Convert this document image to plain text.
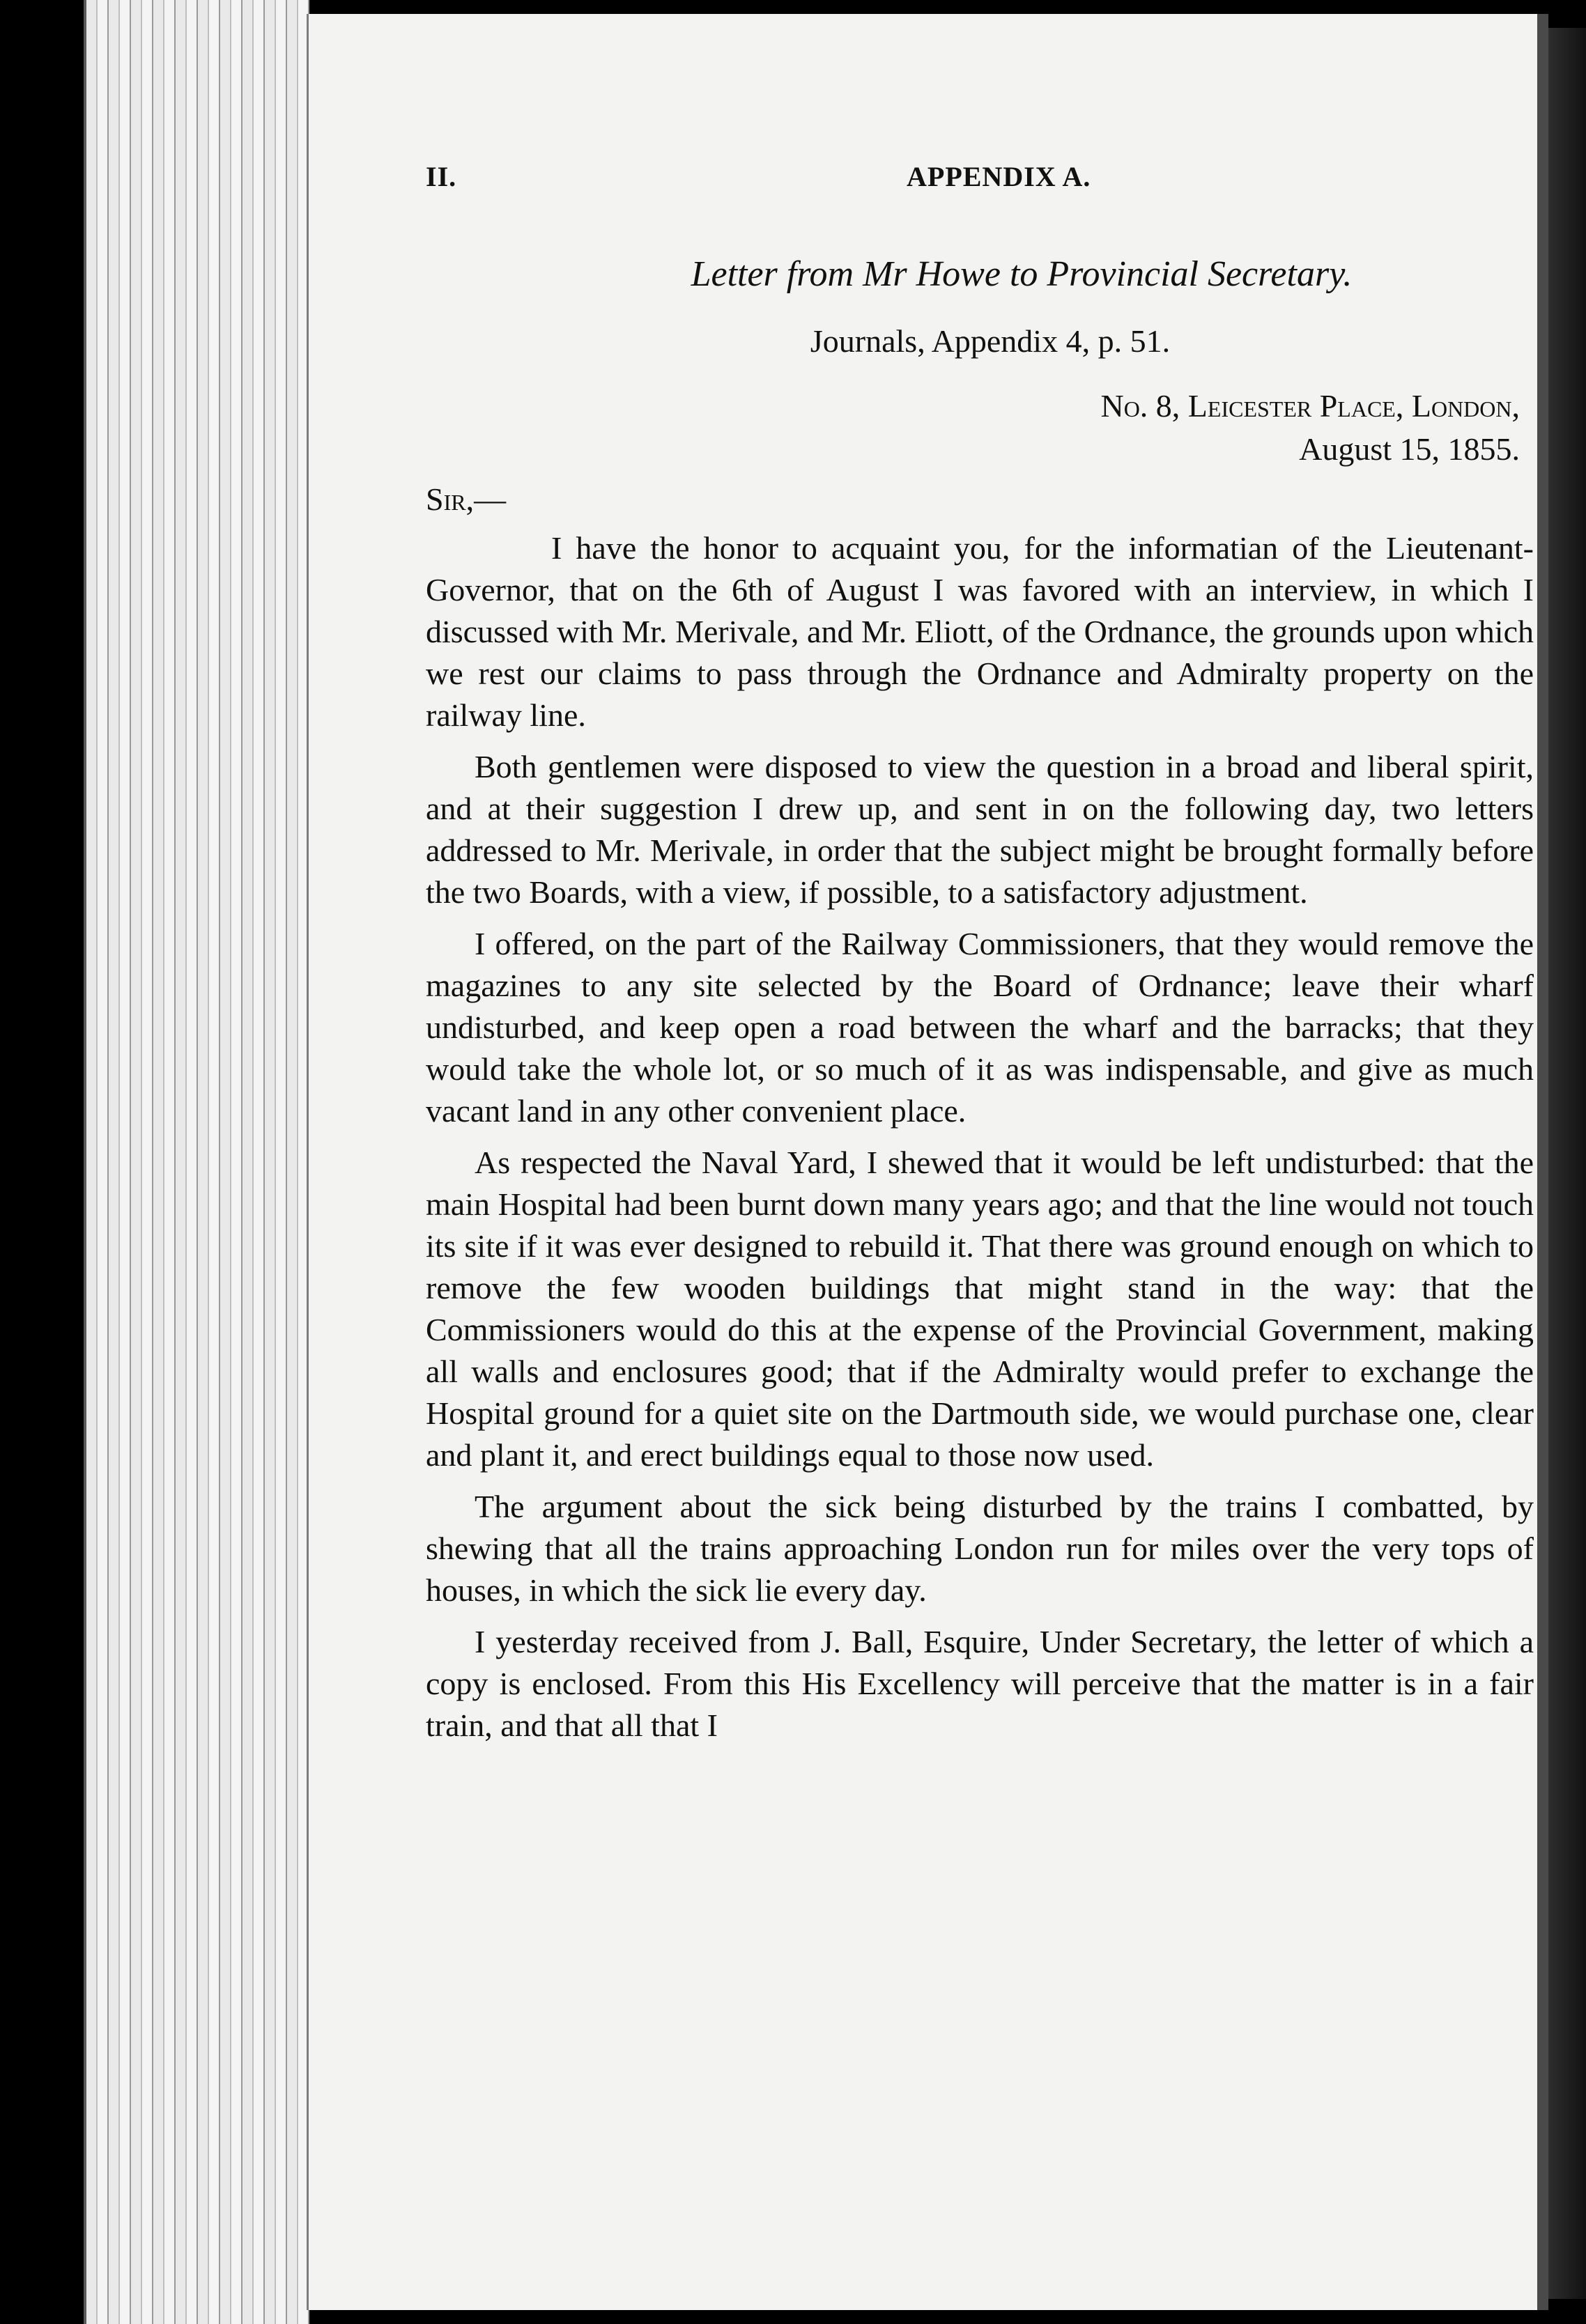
II.	APPENDIX A.
Letter from Mr Howe to Provincial Secretary.
Journals, Appendix 4, p. 51.
No. 8, Leicester Place, London,
August 15, 1855.
Sir,—

I have the honor to acquaint you, for the informatian of the Lieutenant-Governor, that on the 6th of August I was favored with an interview, in which I discussed with Mr. Merivale, and Mr. Eliott, of the Ordnance, the grounds upon which we rest our claims to pass through the Ordnance and Admiralty property on the railway line.

Both gentlemen were disposed to view the question in a broad and liberal spirit, and at their suggestion I drew up, and sent in on the following day, two letters addressed to Mr. Merivale, in order that the subject might be brought formally before the two Boards, with a view, if possible, to a satisfactory adjustment.

I offered, on the part of the Railway Commissioners, that they would remove the magazines to any site selected by the Board of Ordnance; leave their wharf undisturbed, and keep open a road between the wharf and the barracks; that they would take the whole lot, or so much of it as was indispensable, and give as much vacant land in any other convenient place.

As respected the Naval Yard, I shewed that it would be left undisturbed: that the main Hospital had been burnt down many years ago; and that the line would not touch its site if it was ever designed to rebuild it. That there was ground enough on which to remove the few wooden buildings that might stand in the way: that the Commissioners would do this at the expense of the Provincial Government, making all walls and enclosures good; that if the Admiralty would prefer to exchange the Hospital ground for a quiet site on the Dartmouth side, we would purchase one, clear and plant it, and erect buildings equal to those now used.

The argument about the sick being disturbed by the trains I combatted, by shewing that all the trains approaching London run for miles over the very tops of houses, in which the sick lie every day.

I yesterday received from J. Ball, Esquire, Under Secretary, the letter of which a copy is enclosed. From this His Excellency will perceive that the matter is in a fair train, and that all that I
